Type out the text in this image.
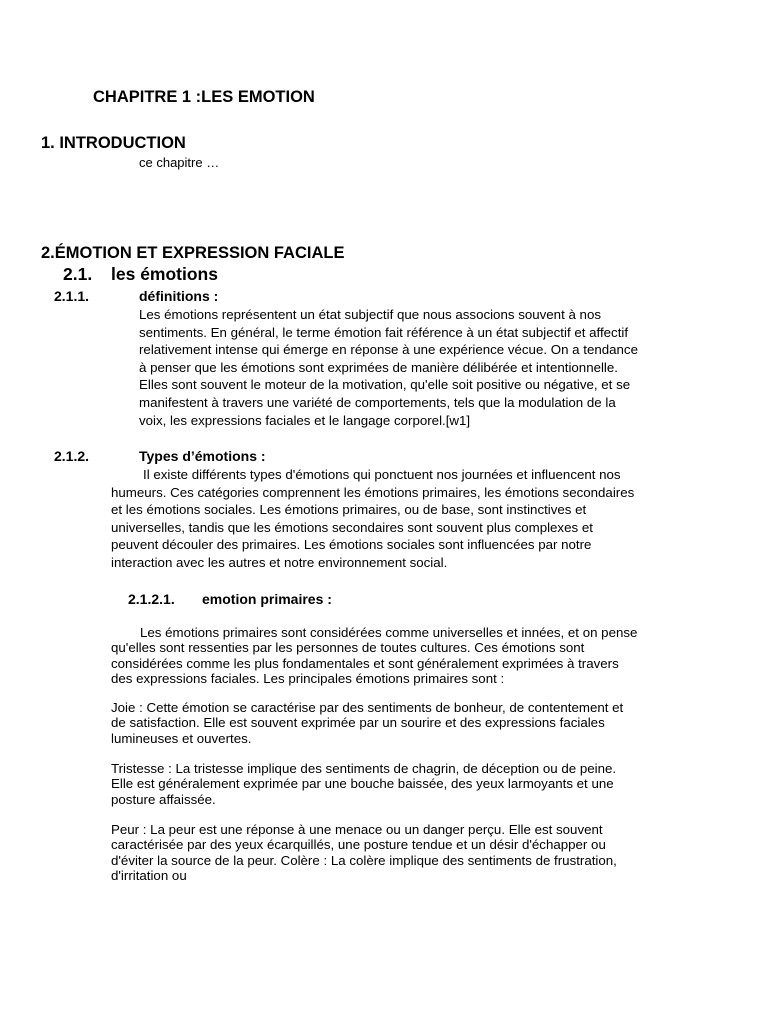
CHAPITRE 1 :LES EMOTION
1. INTRODUCTION

ce chapitre …

2.ÉMOTION ET EXPRESSION FACIALE
2.1. les émotions
2.1.1.	définitions :
Les émotions représentent un état subjectif que nous associons souvent à nos
sentiments. En général, le terme émotion fait référence à un état subjectif et affectif
relativement intense qui émerge en réponse à une expérience vécue. On a tendance
à penser que les émotions sont exprimées de manière délibérée et intentionnelle.
Elles sont souvent le moteur de la motivation, qu'elle soit positive ou négative, et se
manifestent à travers une variété de comportements, tels que la modulation de la
voix, les expressions faciales et le langage corporel.[w1]
2.1.2.	Types d’émotions :
Il existe différents types d'émotions qui ponctuent nos journées et influencent nos
humeurs. Ces catégories comprennent les émotions primaires, les émotions secondaires
et les émotions sociales. Les émotions primaires, ou de base, sont instinctives et
universelles, tandis que les émotions secondaires sont souvent plus complexes et
peuvent découler des primaires. Les émotions sociales sont influencées par notre
interaction avec les autres et notre environnement social.
2.1.2.1. emotion primaires :
Les émotions primaires sont considérées comme universelles et innées, et on pense
qu'elles sont ressenties par les personnes de toutes cultures. Ces émotions sont
considérées comme les plus fondamentales et sont généralement exprimées à travers
des expressions faciales. Les principales émotions primaires sont :
Joie : Cette émotion se caractérise par des sentiments de bonheur, de contentement et
de satisfaction. Elle est souvent exprimée par un sourire et des expressions faciales
lumineuses et ouvertes.
Tristesse : La tristesse implique des sentiments de chagrin, de déception ou de peine.
Elle est généralement exprimée par une bouche baissée, des yeux larmoyants et une
posture affaissée.
Peur : La peur est une réponse à une menace ou un danger perçu. Elle est souvent
caractérisée par des yeux écarquillés, une posture tendue et un désir d'échapper ou
d'éviter la source de la peur. Colère : La colère implique des sentiments de frustration,
d'irritation ou
